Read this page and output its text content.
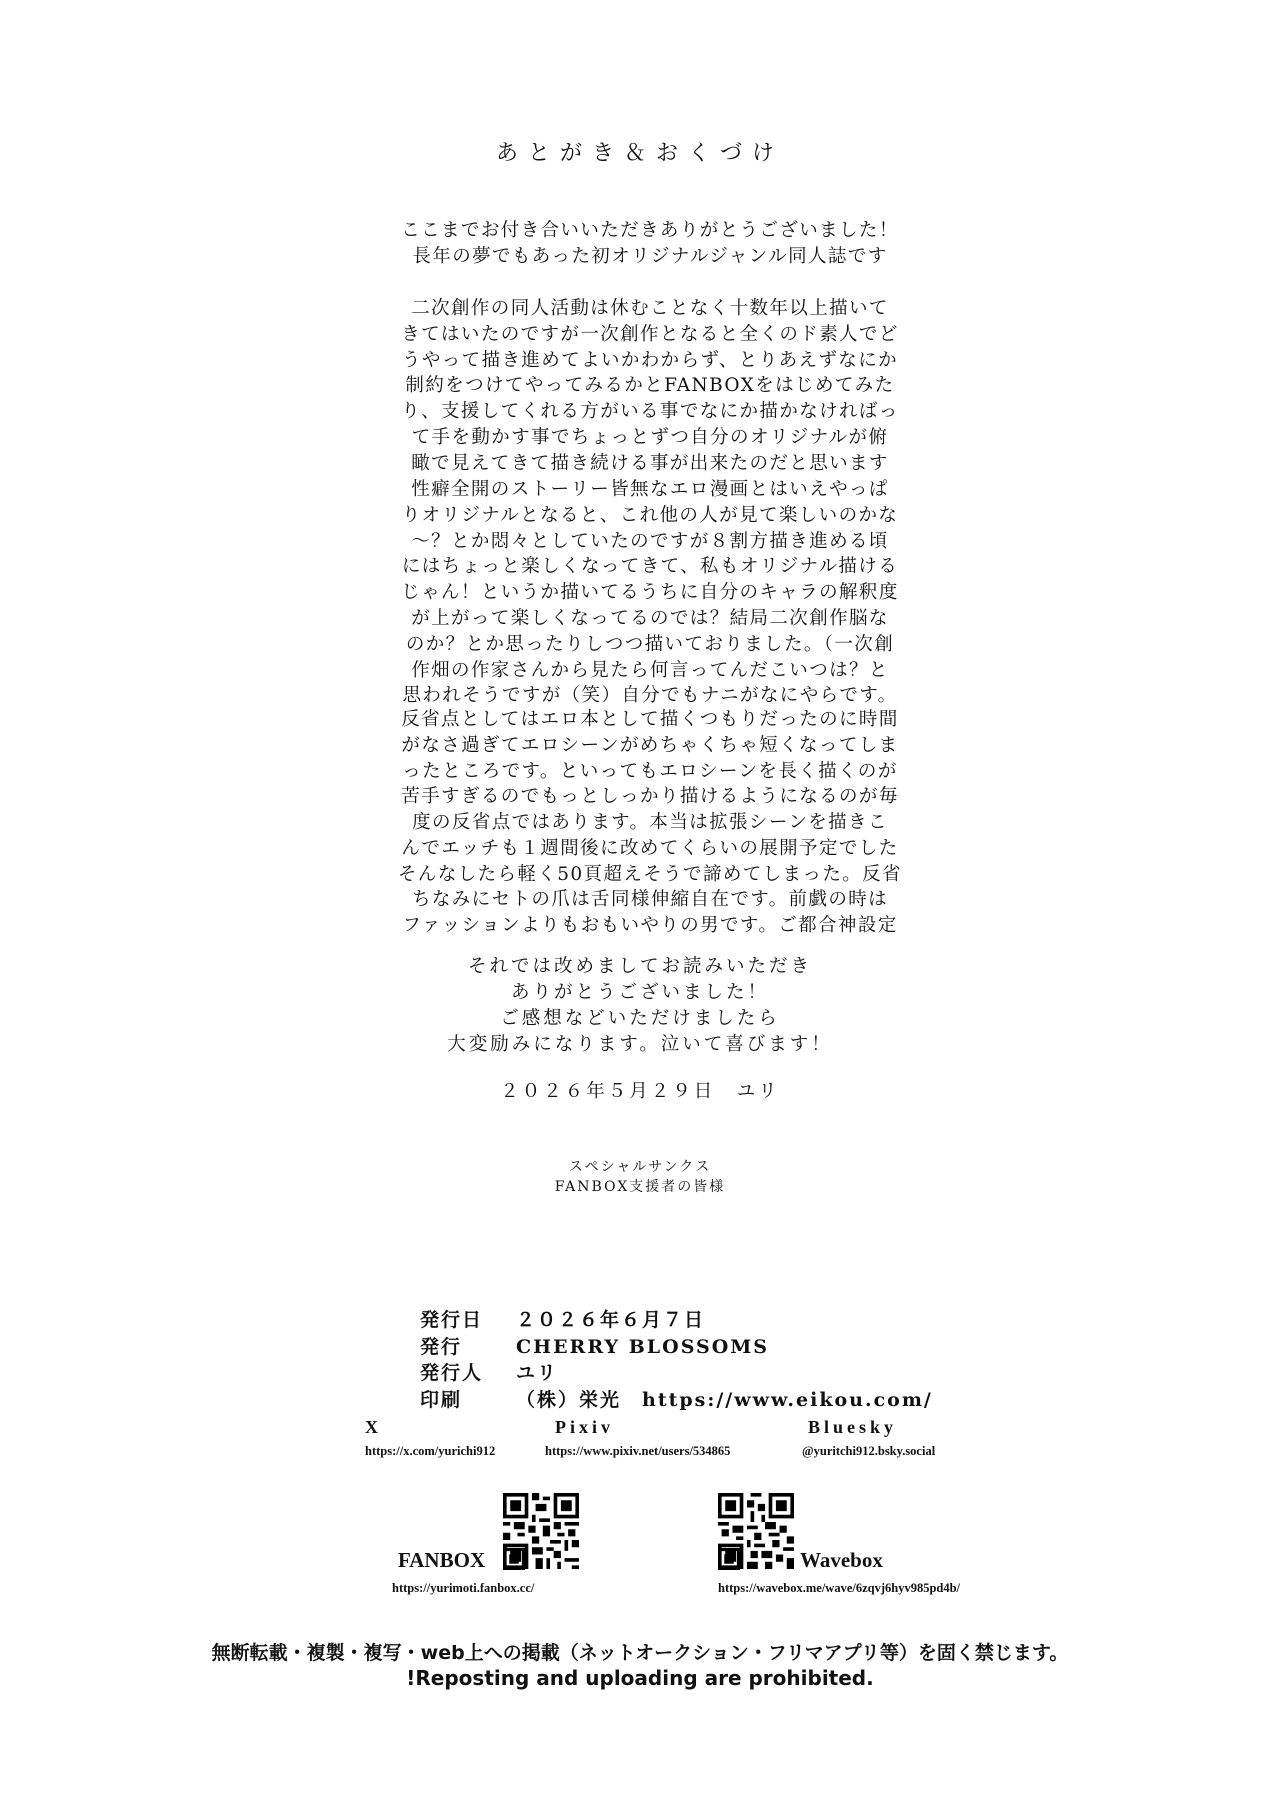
あとがき＆おくづけ
ここまでお付き合いいただきありがとうございました！
長年の夢でもあった初オリジナルジャンル同人誌です
二次創作の同人活動は休むことなく十数年以上描いて
きてはいたのですが一次創作となると全くのド素人でど
うやって描き進めてよいかわからず、とりあえずなにか
制約をつけてやってみるかとFANBOXをはじめてみた
り、支援してくれる方がいる事でなにか描かなければっ
て手を動かす事でちょっとずつ自分のオリジナルが俯
瞰で見えてきて描き続ける事が出来たのだと思います
性癖全開のストーリー皆無なエロ漫画とはいえやっぱ
りオリジナルとなると、これ他の人が見て楽しいのかな
～？とか悶々としていたのですが８割方描き進める頃
にはちょっと楽しくなってきて、私もオリジナル描ける
じゃん！というか描いてるうちに自分のキャラの解釈度
が上がって楽しくなってるのでは？結局二次創作脳な
のか？とか思ったりしつつ描いておりました。（一次創
作畑の作家さんから見たら何言ってんだこいつは？と
思われそうですが（笑）自分でもナニがなにやらです。
反省点としてはエロ本として描くつもりだったのに時間
がなさ過ぎてエロシーンがめちゃくちゃ短くなってしま
ったところです。といってもエロシーンを長く描くのが
苦手すぎるのでもっとしっかり描けるようになるのが毎
度の反省点ではあります。本当は拡張シーンを描きこ
んでエッチも１週間後に改めてくらいの展開予定でした
そんなしたら軽く50頁超えそうで諦めてしまった。反省
ちなみにセトの爪は舌同様伸縮自在です。前戯の時は
ファッションよりもおもいやりの男です。ご都合神設定
それでは改めましてお読みいただき
ありがとうございました！
ご感想などいただけましたら
大変励みになります。泣いて喜びます！
２０２６年５月２９日　ユリ
スペシャルサンクス
FANBOX支援者の皆様
発行日 ２０２６年６月７日
発行	CHERRY BLOSSOMS
発行人 ユリ
印刷	（株）栄光　https://www.eikou.com/
X
https://x.com/yurichi912
Pixiv
https://www.pixiv.net/users/534865
Bluesky
@yuritchi912.bsky.social
FANBOX
https://yurimoti.fanbox.cc/
Wavebox
https://wavebox.me/wave/6zqvj6hyv985pd4b/
無断転載・複製・複写・web上への掲載（ネットオークション・フリマアプリ等）を固く禁じます。
!Reposting and uploading are prohibited.
